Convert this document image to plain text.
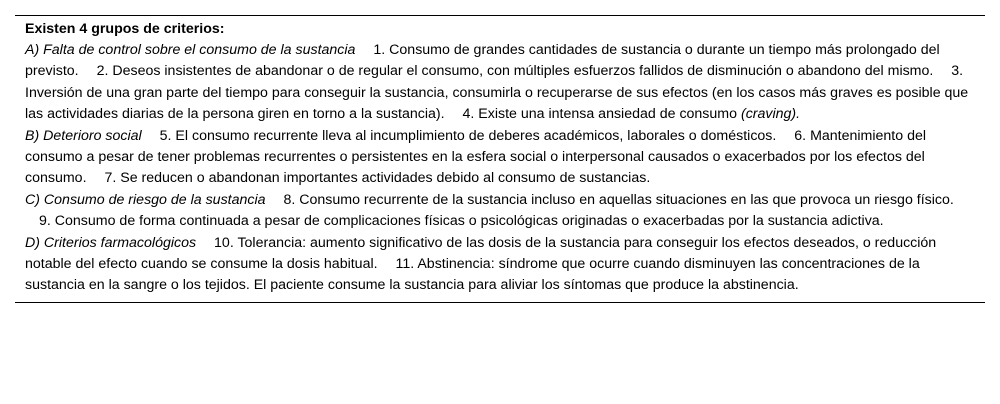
Existen 4 grupos de criterios:

A) Falta de control sobre el consumo de la sustancia 1. Consumo de grandes cantidades de sustancia o durante un tiempo más prolongado del previsto. 2. Deseos insistentes de abandonar o de regular el consumo, con múltiples esfuerzos fallidos de disminución o abandono del mismo. 3. Inversión de una gran parte del tiempo para conseguir la sustancia, consumirla o recuperarse de sus efectos (en los casos más graves es posible que las actividades diarias de la persona giren en torno a la sustancia). 4. Existe una intensa ansiedad de consumo (craving).

B) Deterioro social 5. El consumo recurrente lleva al incumplimiento de deberes académicos, laborales o domésticos. 6. Mantenimiento del consumo a pesar de tener problemas recurrentes o persistentes en la esfera social o interpersonal causados o exacerbados por los efectos del consumo. 7. Se reducen o abandonan importantes actividades debido al consumo de sustancias.

C) Consumo de riesgo de la sustancia 8. Consumo recurrente de la sustancia incluso en aquellas situaciones en las que provoca un riesgo físico. 9. Consumo de forma continuada a pesar de complicaciones físicas o psicológicas originadas o exacerbadas por la sustancia adictiva.

D) Criterios farmacológicos 10. Tolerancia: aumento significativo de las dosis de la sustancia para conseguir los efectos deseados, o reducción notable del efecto cuando se consume la dosis habitual. 11. Abstinencia: síndrome que ocurre cuando disminuyen las concentraciones de la sustancia en la sangre o los tejidos. El paciente consume la sustancia para aliviar los síntomas que produce la abstinencia.
